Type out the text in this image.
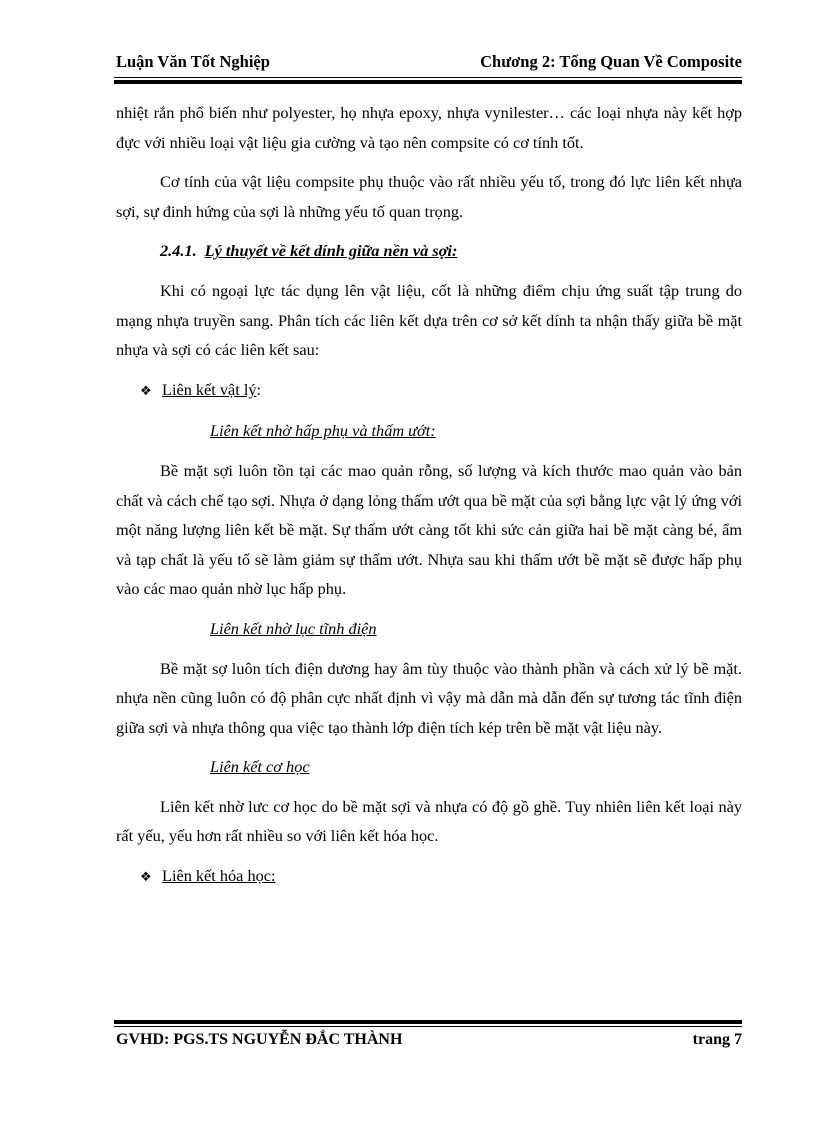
Luận Văn Tốt Nghiệp	Chương 2: Tổng Quan Về Composite

nhiệt rắn phổ biến như polyester, họ nhựa epoxy, nhựa vynilester… các loại nhựa này kết hợp đực với nhiều loại vật liệu gia cường và tạo nên compsite có cơ tính tốt.

Cơ tính của vật liệu compsite phụ thuộc vào rất nhiều yếu tố, trong đó lực liên kết nhựa sợi, sự đinh hứng của sợi là những yếu tố quan trọng.

2.4.1. Lý thuyết về kết dính giữa nền và sợi:

Khi có ngoại lực tác dụng lên vật liệu, cốt là những điểm chịu ứng suất tập trung do mạng nhựa truyền sang. Phân tích các liên kết dựa trên cơ sở kết dính ta nhận thấy giữa bề mặt nhựa và sợi có các liên kết sau:

❖ Liên kết vật lý:
Liên kết nhờ hấp phụ và thấm ướt:

Bề mặt sợi luôn tồn tại các mao quản rỗng, số lượng và kích thước mao quản vào bản chất và cách chế tạo sợi. Nhựa ở dạng lỏng thấm ướt qua bề mặt của sợi bằng lực vật lý ứng với một năng lượng liên kết bề mặt. Sự thấm ướt càng tốt khi sức cản giữa hai bề mặt càng bé, ẩm và tạp chất là yếu tố sẽ làm giảm sự thấm ướt. Nhựa sau khi thấm ướt bề mặt sẽ được hấp phụ vào các mao quản nhờ lục hấp phụ.

Liên kết nhờ lục tĩnh điện

Bề mặt sợ luôn tích điện dương hay âm tùy thuộc vào thành phần và cách xử lý bề mặt. nhựa nền cũng luôn có độ phân cực nhất định vì vậy mà dẫn mà dẫn đến sự tương tác tĩnh điện giữa sợi và nhựa thông qua việc tạo thành lớp điện tích kép trên bề mặt vật liệu này.

Liên kết cơ học

Liên kết nhờ lưc cơ học do bề mặt sợi và nhựa có độ gồ ghề. Tuy nhiên liên kết loại này rất yếu, yếu hơn rất nhiều so với liên kết hóa học.

❖ Liên kết hóa học:
GVHD: PGS.TS NGUYỄN ĐẮC THÀNH	trang 7
